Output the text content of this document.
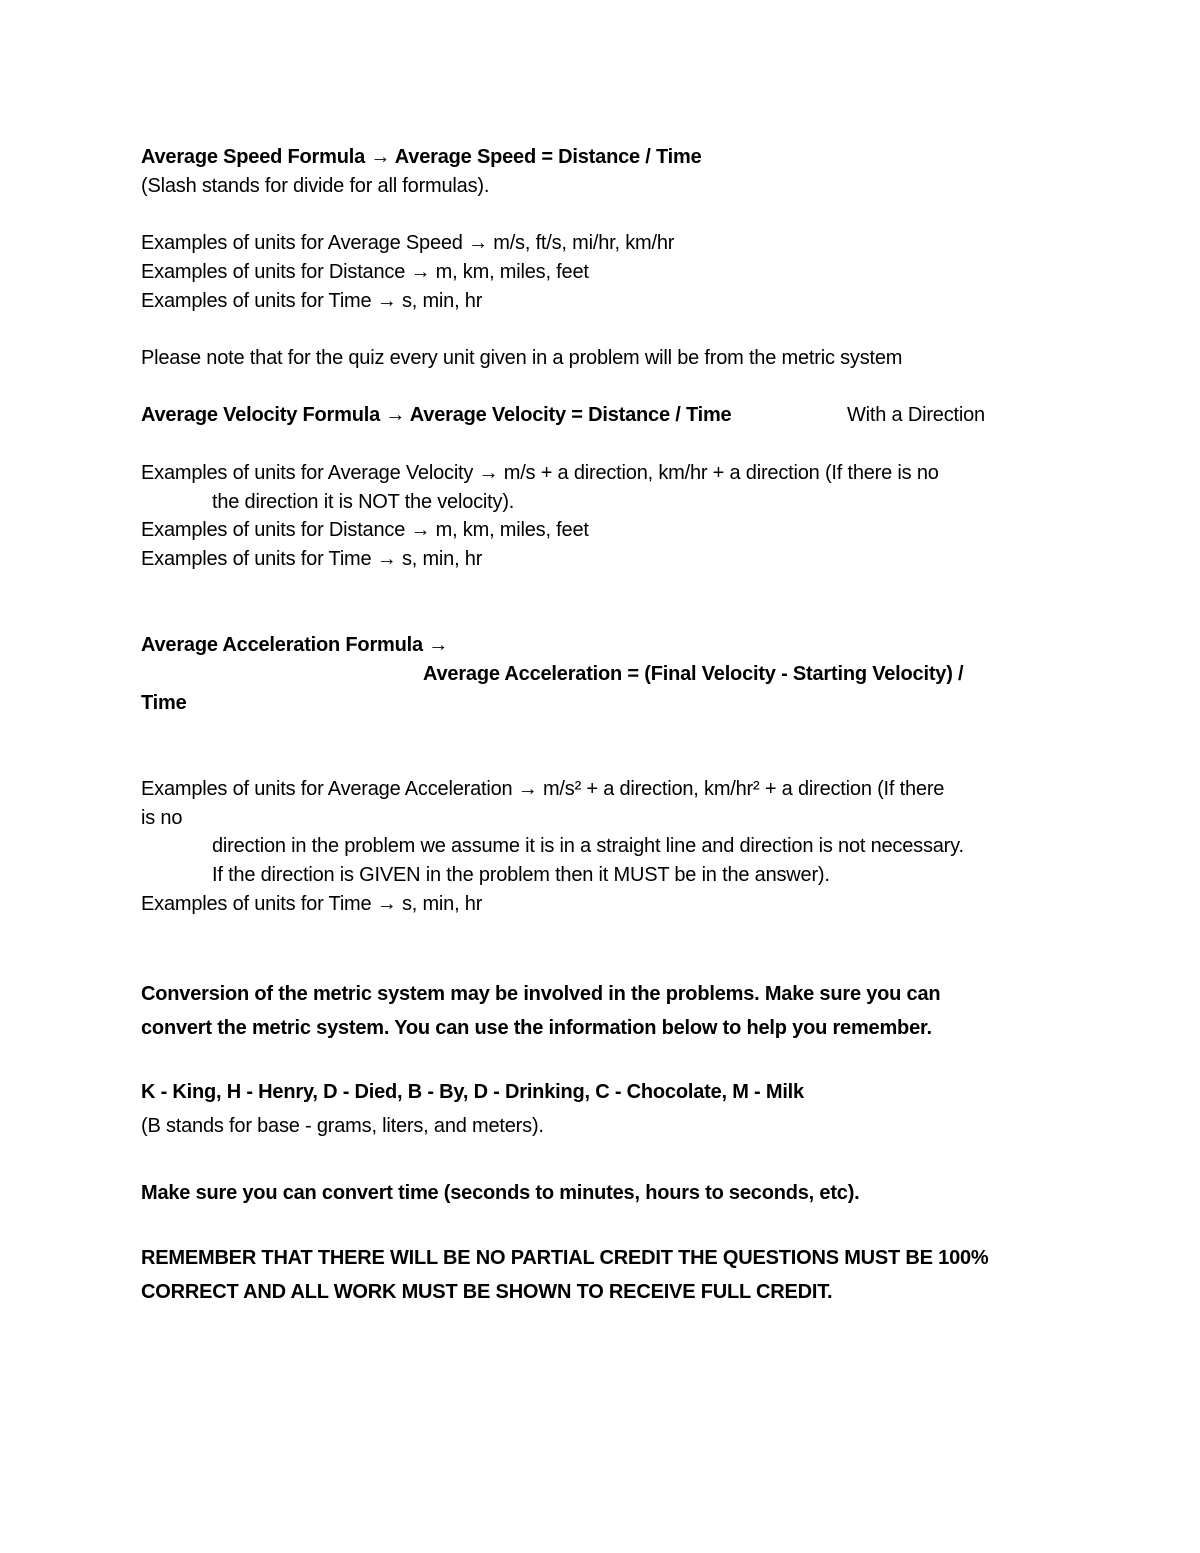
Average Speed Formula → Average Speed = Distance / Time
(Slash stands for divide for all formulas).
Examples of units for Average Speed → m/s, ft/s, mi/hr, km/hr
Examples of units for Distance → m, km, miles, feet
Examples of units for Time → s, min, hr
Please note that for the quiz every unit given in a problem will be from the metric system
Average Velocity Formula → Average Velocity = Distance / Time	With a Direction
Examples of units for Average Velocity → m/s + a direction, km/hr + a direction (If there is no
the direction it is NOT the velocity).
Examples of units for Distance → m, km, miles, feet
Examples of units for Time → s, min, hr
Average Acceleration Formula →
Average Acceleration = (Final Velocity - Starting Velocity) /
Time
Examples of units for Average Acceleration → m/s² + a direction, km/hr² + a direction (If there
is no
direction in the problem we assume it is in a straight line and direction is not necessary.
If the direction is GIVEN in the problem then it MUST be in the answer).
Examples of units for Time → s, min, hr
Conversion of the metric system may be involved in the problems. Make sure you can
convert the metric system. You can use the information below to help you remember.
K - King, H - Henry, D - Died, B - By, D - Drinking, C - Chocolate, M - Milk
(B stands for base - grams, liters, and meters).
Make sure you can convert time (seconds to minutes, hours to seconds, etc).
REMEMBER THAT THERE WILL BE NO PARTIAL CREDIT THE QUESTIONS MUST BE 100%
CORRECT AND ALL WORK MUST BE SHOWN TO RECEIVE FULL CREDIT.
